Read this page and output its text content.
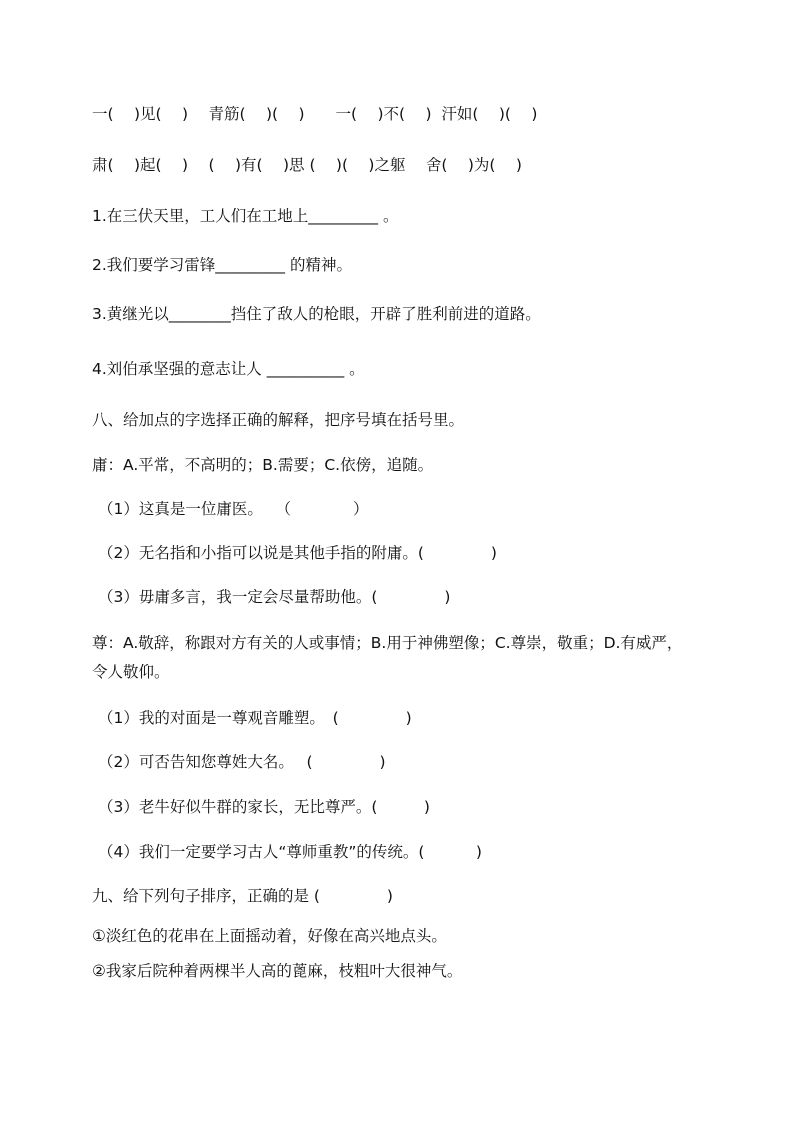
一(　 )见(　 )　 青筋(　 )(　 )　　一(　 )不(　 )  汗如(　 )(　 )
肃(　 )起(　 )　 (　 )有(　 )思 (　 )(　 )之躯　 舍(　 )为(　 )
1.在三伏天里，工人们在工地上_________ 。
2.我们要学习雷锋_________ 的精神。
3.黄继光以________挡住了敌人的枪眼，开辟了胜利前进的道路。
4.刘伯承坚强的意志让人 __________ 。
八、给加点的字选择正确的解释，把序号填在括号里。
庸：A.平常，不高明的；B.需要；C.依傍，追随。
（1）这真是一位庸医。　 （　　　　）
（2）无名指和小指可以说是其他手指的附庸。(　　　　 )
（3）毋庸多言，我一定会尽量帮助他。(　　　　 )
尊：A.敬辞，称跟对方有关的人或事情；B.用于神佛塑像；C.尊崇，敬重；D.有威严，
令人敬仰。
（1）我的对面是一尊观音雕塑。　(　　　　 )
（2）可否告知您尊姓大名。　 (　　　　 )
（3）老牛好似牛群的家长，无比尊严。(　　　)
（4）我们一定要学习古人“尊师重教”的传统。(　　　 )
九、给下列句子排序，正确的是 (　　　　 )
①淡红色的花串在上面摇动着，好像在高兴地点头。
②我家后院种着两棵半人高的蓖麻，枝粗叶大很神气。
